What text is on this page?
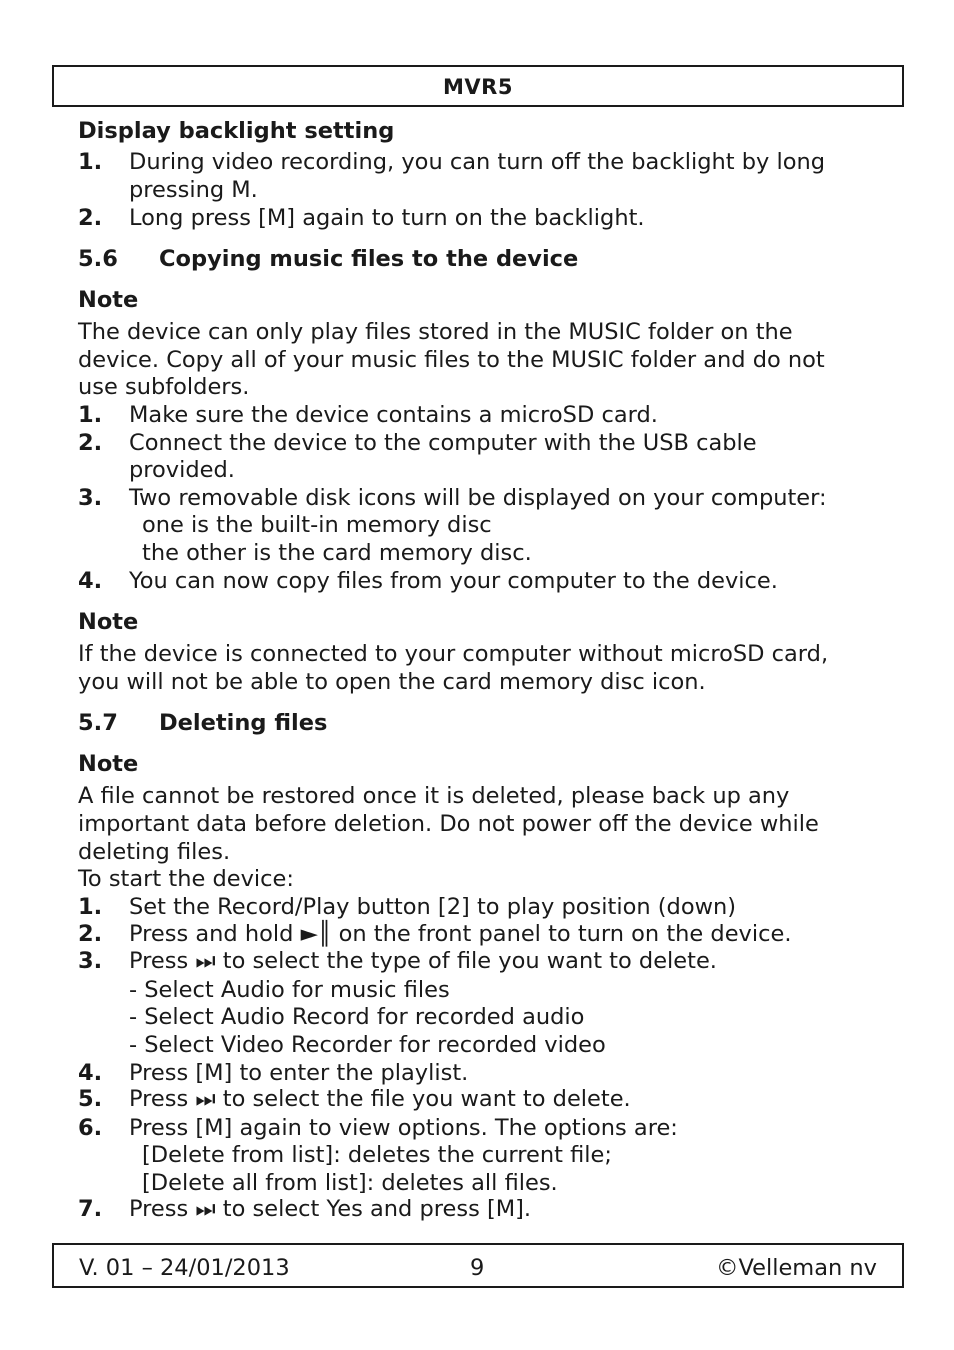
MVR5
Display backlight setting
1. During video recording, you can turn off the backlight by long
pressing M.
2. Long press [M] again to turn on the backlight.
5.6 Copying music files to the device
Note
The device can only play files stored in the MUSIC folder on the
device. Copy all of your music files to the MUSIC folder and do not
use subfolders.
1. Make sure the device contains a microSD card.
2. Connect the device to the computer with the USB cable
provided.
3. Two removable disk icons will be displayed on your computer:
one is the built-in memory disc
the other is the card memory disc.
4. You can now copy files from your computer to the device.
Note
If the device is connected to your computer without microSD card,
you will not be able to open the card memory disc icon.
5.7 Deleting files
Note
A file cannot be restored once it is deleted, please back up any
important data before deletion. Do not power off the device while
deleting files.
To start the device:
1. Set the Record/Play button [2] to play position (down)
2. Press and hold ►║ on the front panel to turn on the device.
3. Press ⏭ to select the type of file you want to delete.
- Select Audio for music files
- Select Audio Record for recorded audio
- Select Video Recorder for recorded video
4. Press [M] to enter the playlist.
5. Press ⏭ to select the file you want to delete.
6. Press [M] again to view options. The options are:
[Delete from list]: deletes the current file;
[Delete all from list]: deletes all files.
7. Press ⏭ to select Yes and press [M].
V. 01 – 24/01/2013	9	©Velleman nv
